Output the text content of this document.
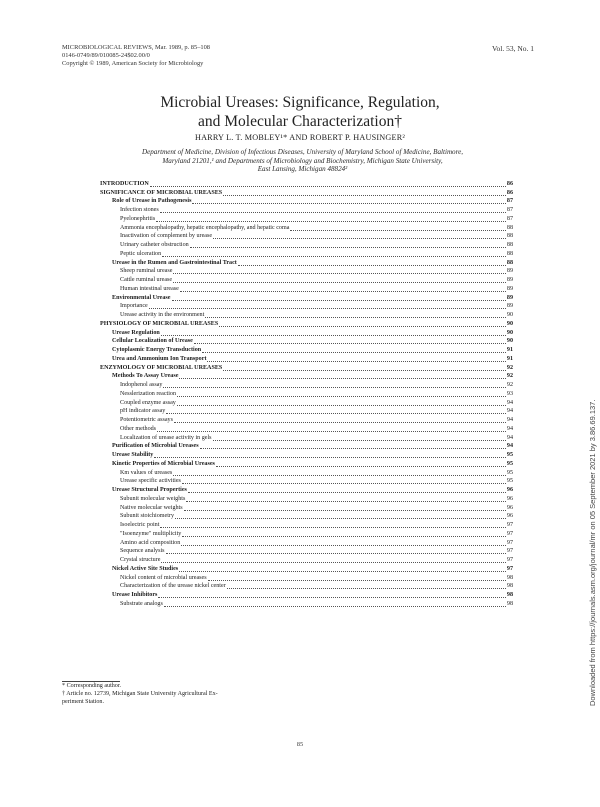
MICROBIOLOGICAL REVIEWS, Mar. 1989, p. 85–108
0146-0749/89/010085-24$02.00/0
Copyright © 1989, American Society for Microbiology
Vol. 53, No. 1
Microbial Ureases: Significance, Regulation,
and Molecular Characterization†
HARRY L. T. MOBLEY¹* AND ROBERT P. HAUSINGER²
Department of Medicine, Division of Infectious Diseases, University of Maryland School of Medicine, Baltimore,
Maryland 21201,¹ and Departments of Microbiology and Biochemistry, Michigan State University,
East Lansing, Michigan 48824²
INTRODUCTION	86
SIGNIFICANCE OF MICROBIAL UREASES	86
Role of Urease in Pathogenesis	87
Infection stones	87
Pyelonephritis	87
Ammonia encephalopathy, hepatic encephalopathy, and hepatic coma	88
Inactivation of complement by urease	88
Urinary catheter obstruction	88
Peptic ulceration	88
Urease in the Rumen and Gastrointestinal Tract	88
Sheep ruminal urease	89
Cattle ruminal urease	89
Human intestinal urease	89
Environmental Urease	89
Importance	89
Urease activity in the environment	90
PHYSIOLOGY OF MICROBIAL UREASES	90
Urease Regulation	90
Cellular Localization of Urease	90
Cytoplasmic Energy Transduction	91
Urea and Ammonium Ion Transport	91
ENZYMOLOGY OF MICROBIAL UREASES	92
Methods To Assay Urease	92
Indophenol assay	92
Nesslerization reaction	93
Coupled enzyme assay	94
pH indicator assay	94
Potentiometric assays	94
Other methods	94
Localization of urease activity in gels	94
Purification of Microbial Ureases	94
Urease Stability	95
Kinetic Properties of Microbial Ureases	95
Km values of ureases	95
Urease specific activities	95
Urease Structural Properties	96
Subunit molecular weights	96
Native molecular weights	96
Subunit stoichiometry	96
Isoelectric point	97
"Isoenzyme" multiplicity	97
Amino acid composition	97
Sequence analysis	97
Crystal structure	97
Nickel Active Site Studies	97
Nickel content of microbial ureases	98
Characterization of the urease nickel center	98
Urease Inhibitors	98
Substrate analogs	98
* Corresponding author.
† Article no. 12739, Michigan State University Agricultural Ex-
periment Station.
85
Downloaded from https://journals.asm.org/journal/mr on 05 September 2021 by 3.86.69.137.
